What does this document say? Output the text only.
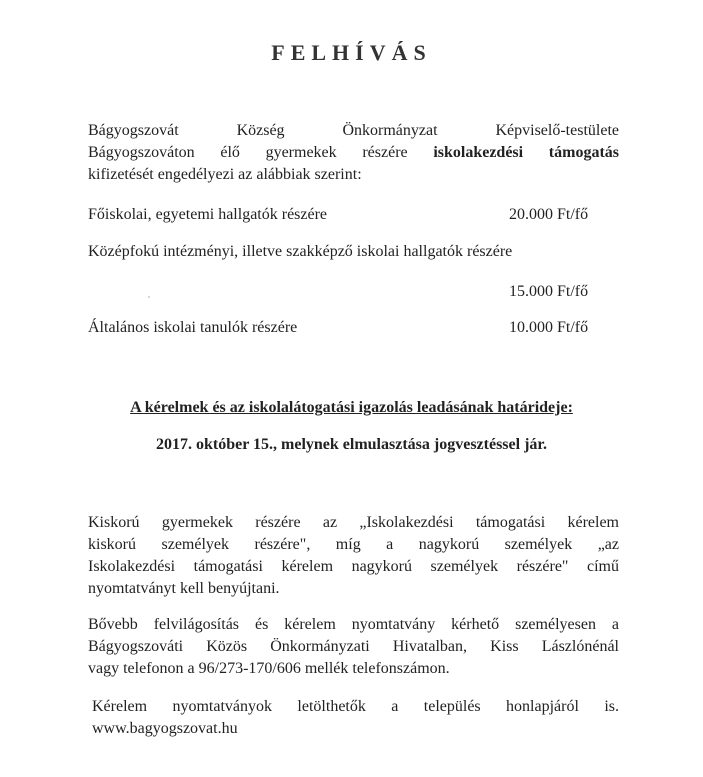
FELHÍVÁS
Bágyogszovát Község Önkormányzat Képviselő-testülete
Bágyogszováton élő gyermekek részére iskolakezdési támogatás
kifizetését engedélyezi az alábbiak szerint:
Főiskolai, egyetemi hallgatók részére	20.000 Ft/fő
Középfokú intézményi, illetve szakképző iskolai hallgatók részére
15.000 Ft/fő
Általános iskolai tanulók részére	10.000 Ft/fő
A kérelmek és az iskolalátogatási igazolás leadásának határideje:
2017. október 15., melynek elmulasztása jogvesztéssel jár.
Kiskorú gyermekek részére az „Iskolakezdési támogatási kérelem
kiskorú személyek részére", míg a nagykorú személyek „az
Iskolakezdési támogatási kérelem nagykorú személyek részére" című
nyomtatványt kell benyújtani.
Bővebb felvilágosítás és kérelem nyomtatvány kérhető személyesen a
Bágyogszováti Közös Önkormányzati Hivatalban, Kiss Lászlónénál
vagy telefonon a 96/273-170/606 mellék telefonszámon.
Kérelem nyomtatványok letölthetők a település honlapjáról is.
www.bagyogszovat.hu
